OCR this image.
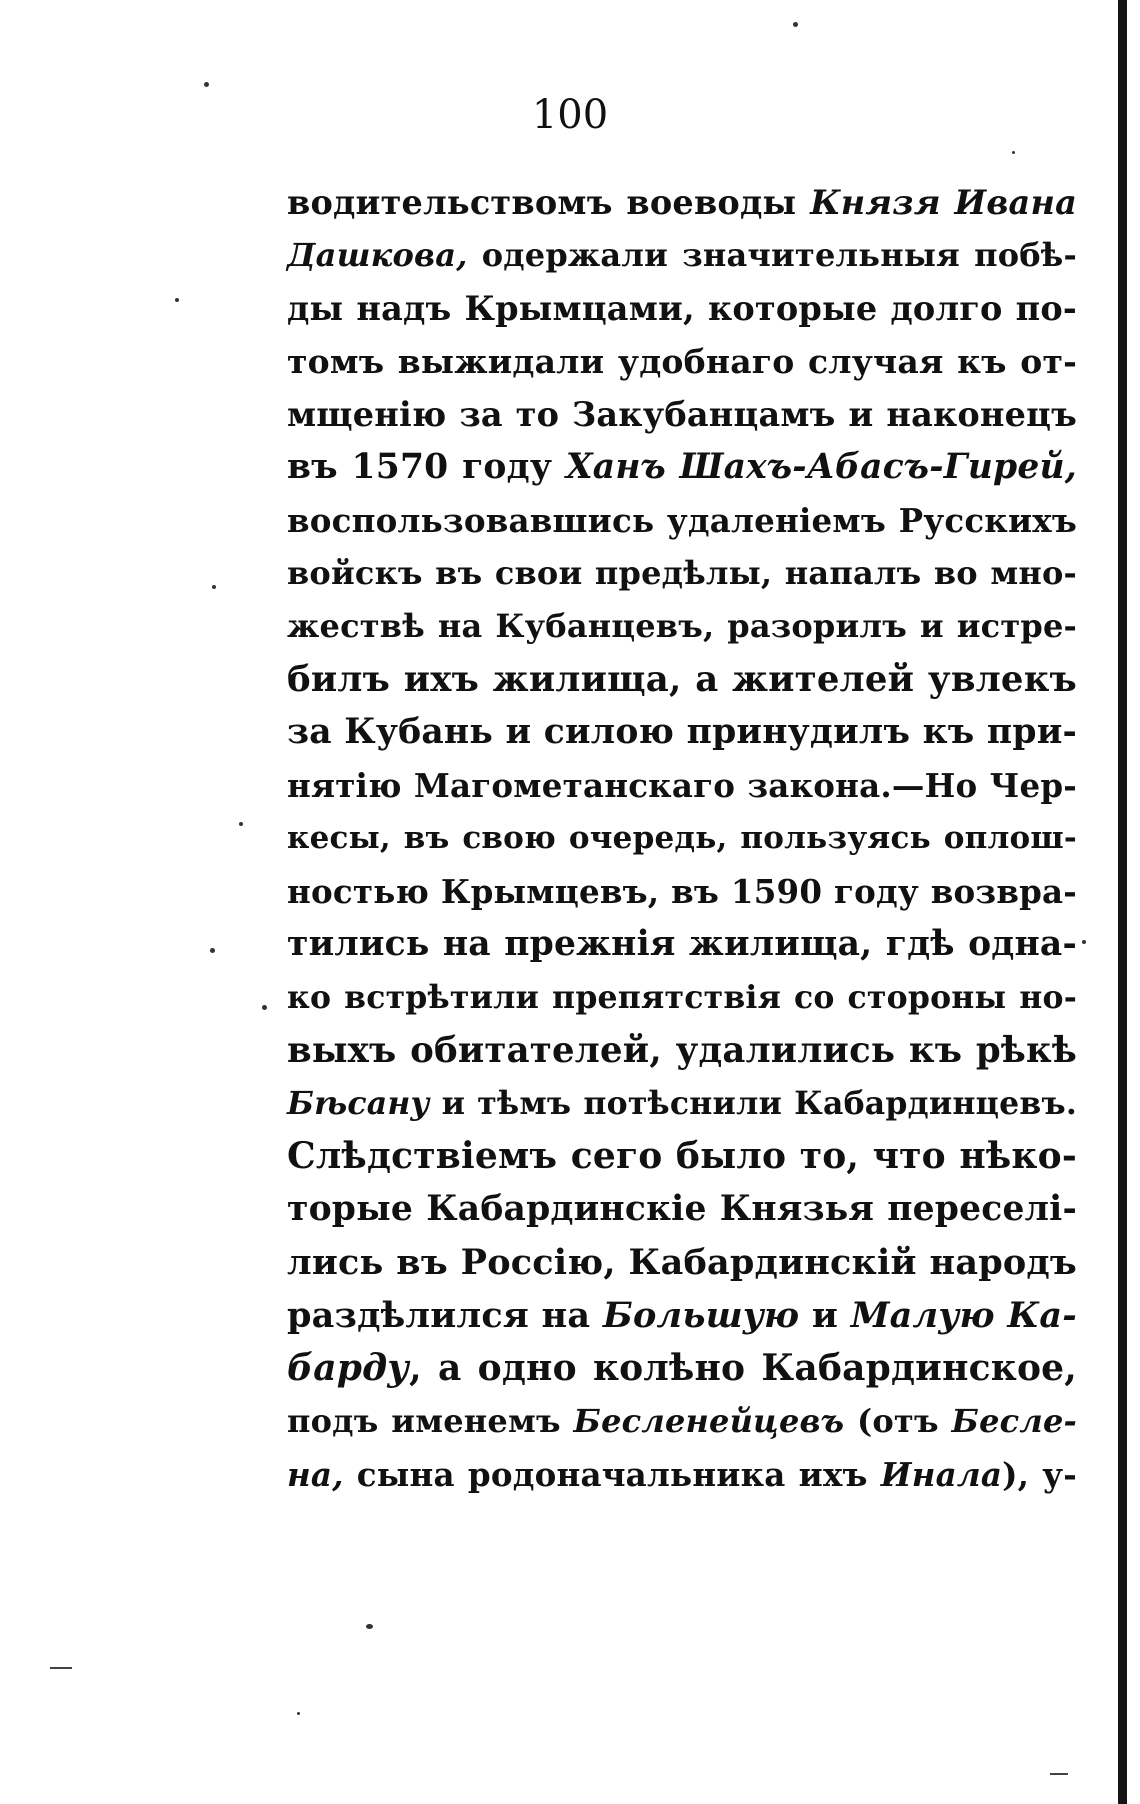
100
водительствомъ воеводы Князя Ивана
Дашкова, одержали значительныя побѣ-
ды надъ Крымцами, которые долго по-
томъ выжидали удобнаго случая къ от-
мщенію за то Закубанцамъ и наконецъ
въ 1570 году Ханъ Шахъ-Абасъ-Гирей,
воспользовавшись удаленіемъ Русскихъ
войскъ въ свои предѣлы, напалъ во мно-
жествѣ на Кубанцевъ, разорилъ и истре-
билъ ихъ жилища, а жителей увлекъ
за Кубань и силою принудилъ къ при-
нятію Магометанскаго закона.—Но Чер-
кесы, въ свою очередь, пользуясь оплош-
ностью Крымцевъ, въ 1590 году возвра-
тились на прежнія жилища, гдѣ одна-
ко встрѣтили препятствія со стороны но-
выхъ обитателей, удалились къ рѣкѣ
Бѣсану и тѣмъ потѣснили Кабардинцевъ.
Слѣдствіемъ сего было то, что нѣко-
торые Кабардинскіе Князья переселі-
лись въ Россію, Кабардинскій народъ
раздѣлился на Большую и Малую Ка-
барду, а одно колѣно Кабардинское,
подъ именемъ Бесленейцевъ (отъ Бесле-
на, сына родоначальника ихъ Инала), у-
